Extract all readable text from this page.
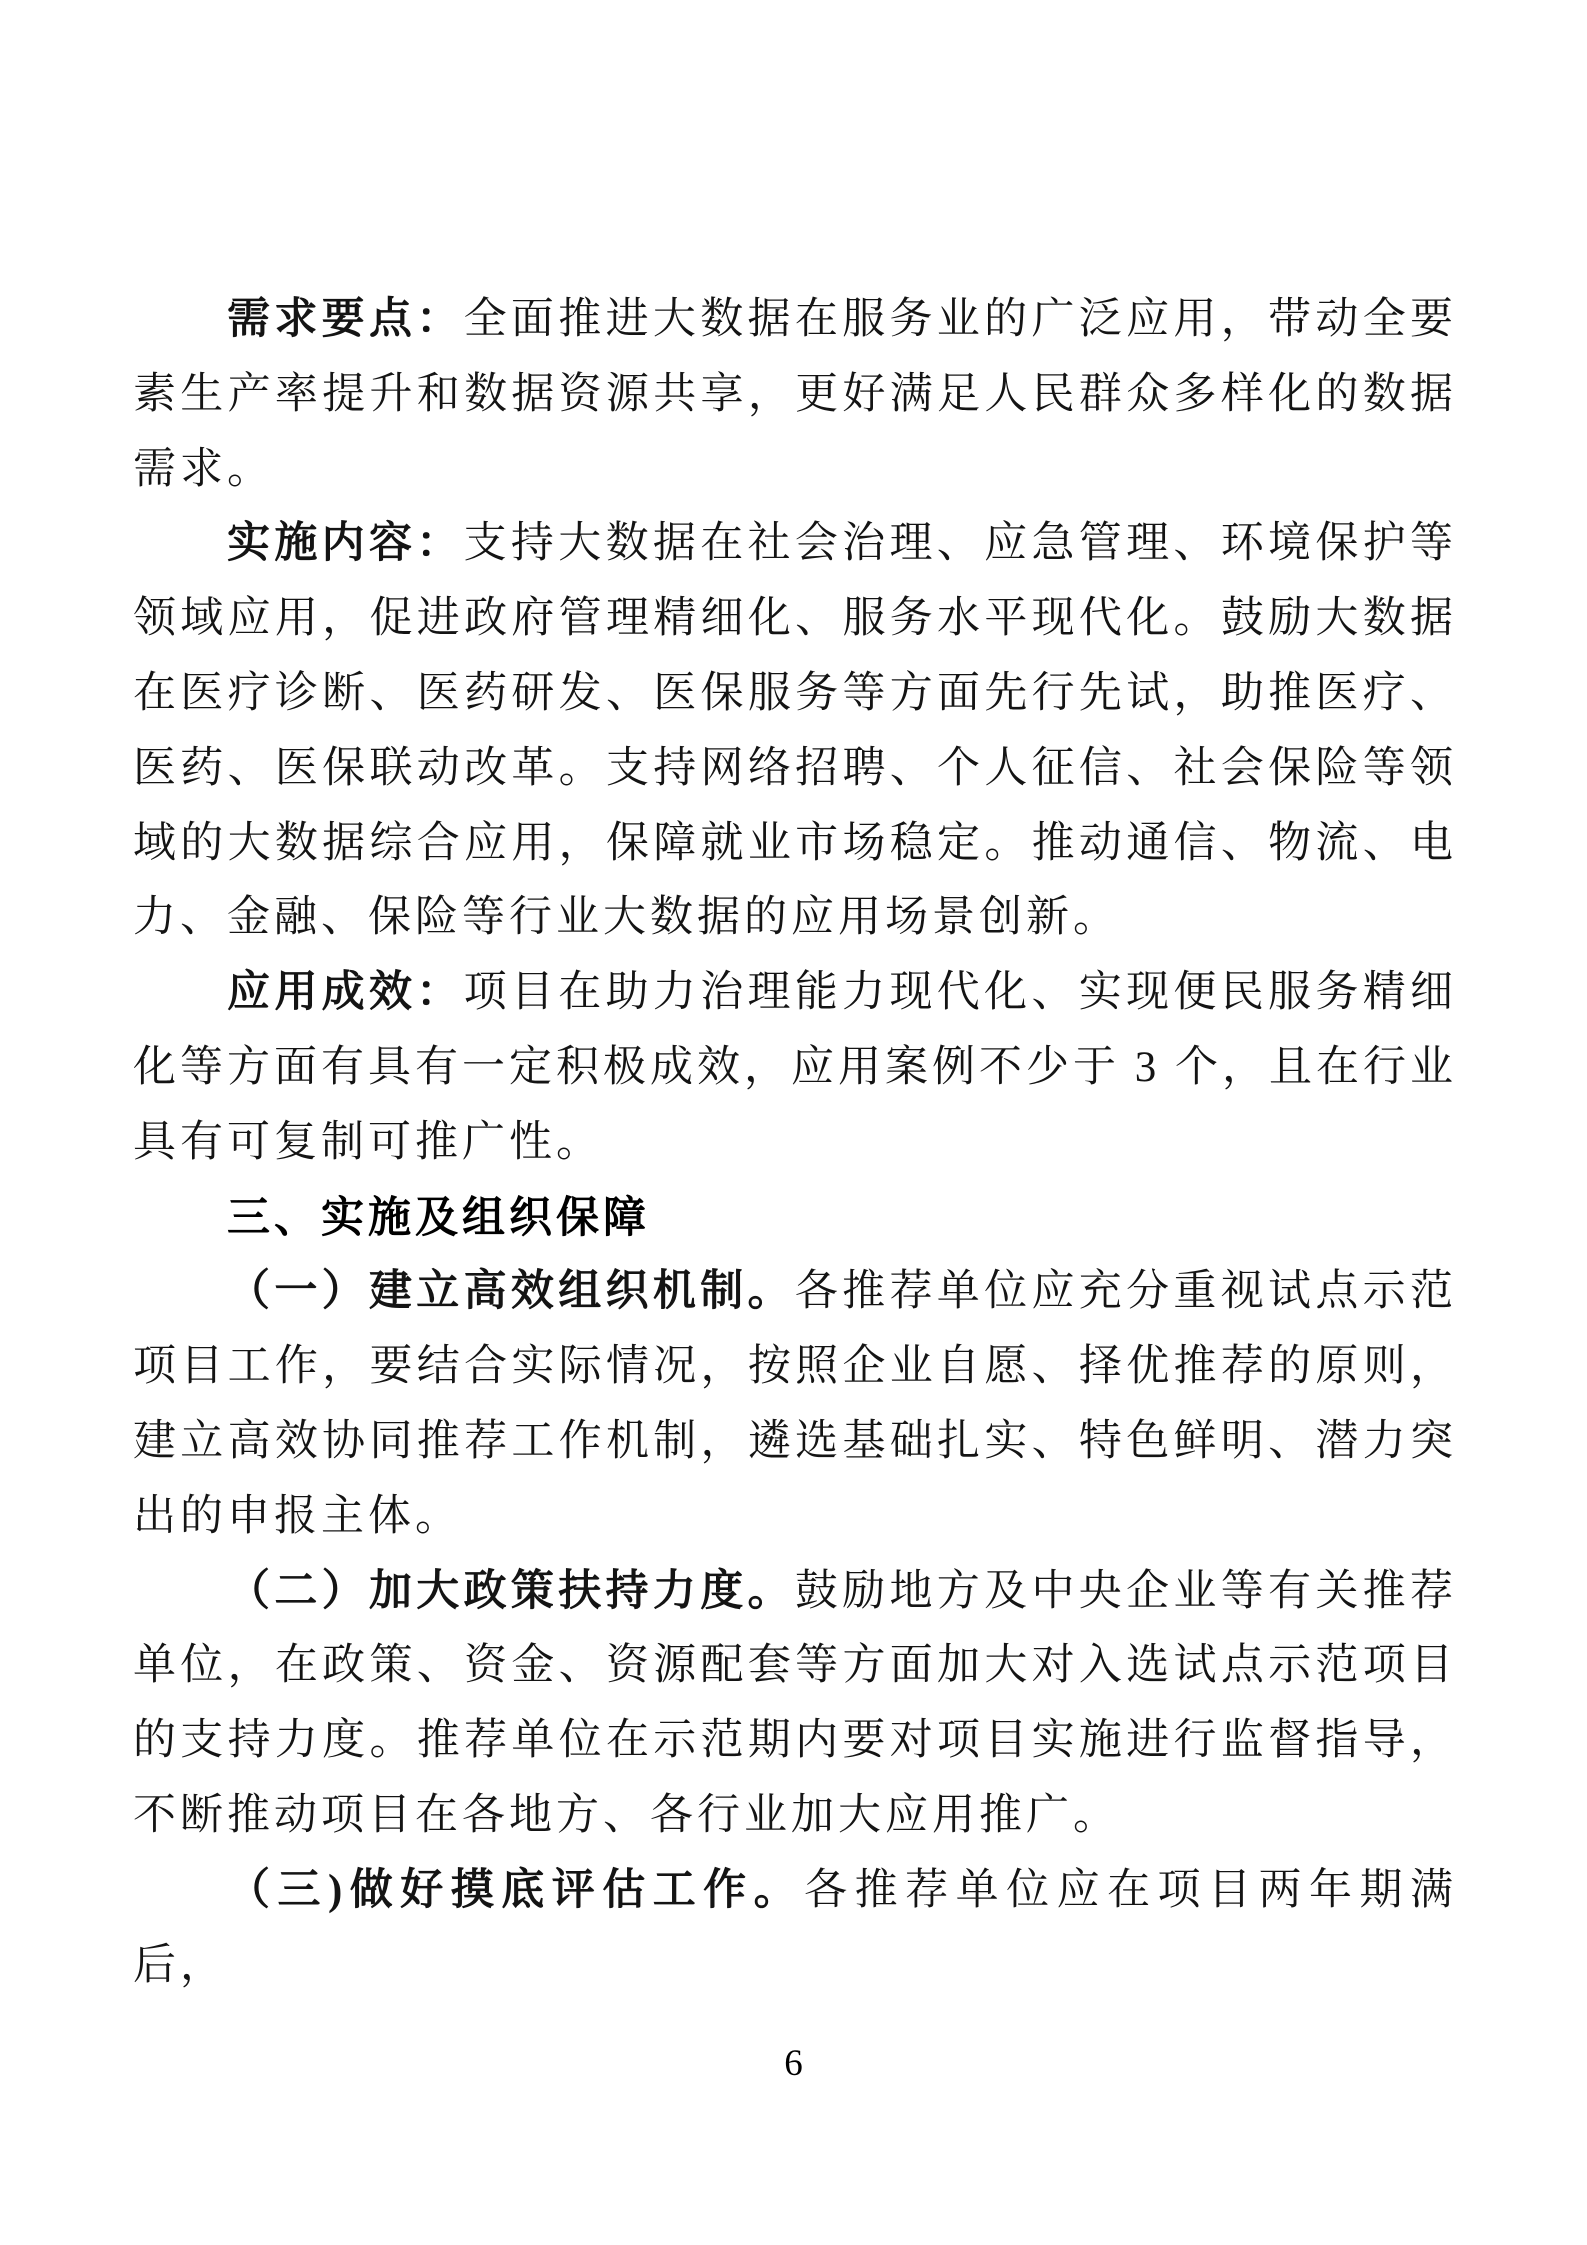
需求要点：全面推进大数据在服务业的广泛应用，带动全要素生产率提升和数据资源共享，更好满足人民群众多样化的数据需求。

实施内容：支持大数据在社会治理、应急管理、环境保护等领域应用，促进政府管理精细化、服务水平现代化。鼓励大数据在医疗诊断、医药研发、医保服务等方面先行先试，助推医疗、医药、医保联动改革。支持网络招聘、个人征信、社会保险等领域的大数据综合应用，保障就业市场稳定。推动通信、物流、电力、金融、保险等行业大数据的应用场景创新。

应用成效：项目在助力治理能力现代化、实现便民服务精细化等方面有具有一定积极成效，应用案例不少于 3 个，且在行业具有可复制可推广性。

三、实施及组织保障

（一）建立高效组织机制。各推荐单位应充分重视试点示范项目工作，要结合实际情况，按照企业自愿、择优推荐的原则，建立高效协同推荐工作机制，遴选基础扎实、特色鲜明、潜力突出的申报主体。

（二）加大政策扶持力度。鼓励地方及中央企业等有关推荐单位，在政策、资金、资源配套等方面加大对入选试点示范项目的支持力度。推荐单位在示范期内要对项目实施进行监督指导，不断推动项目在各地方、各行业加大应用推广。

（三)做好摸底评估工作。各推荐单位应在项目两年期满后，

6
